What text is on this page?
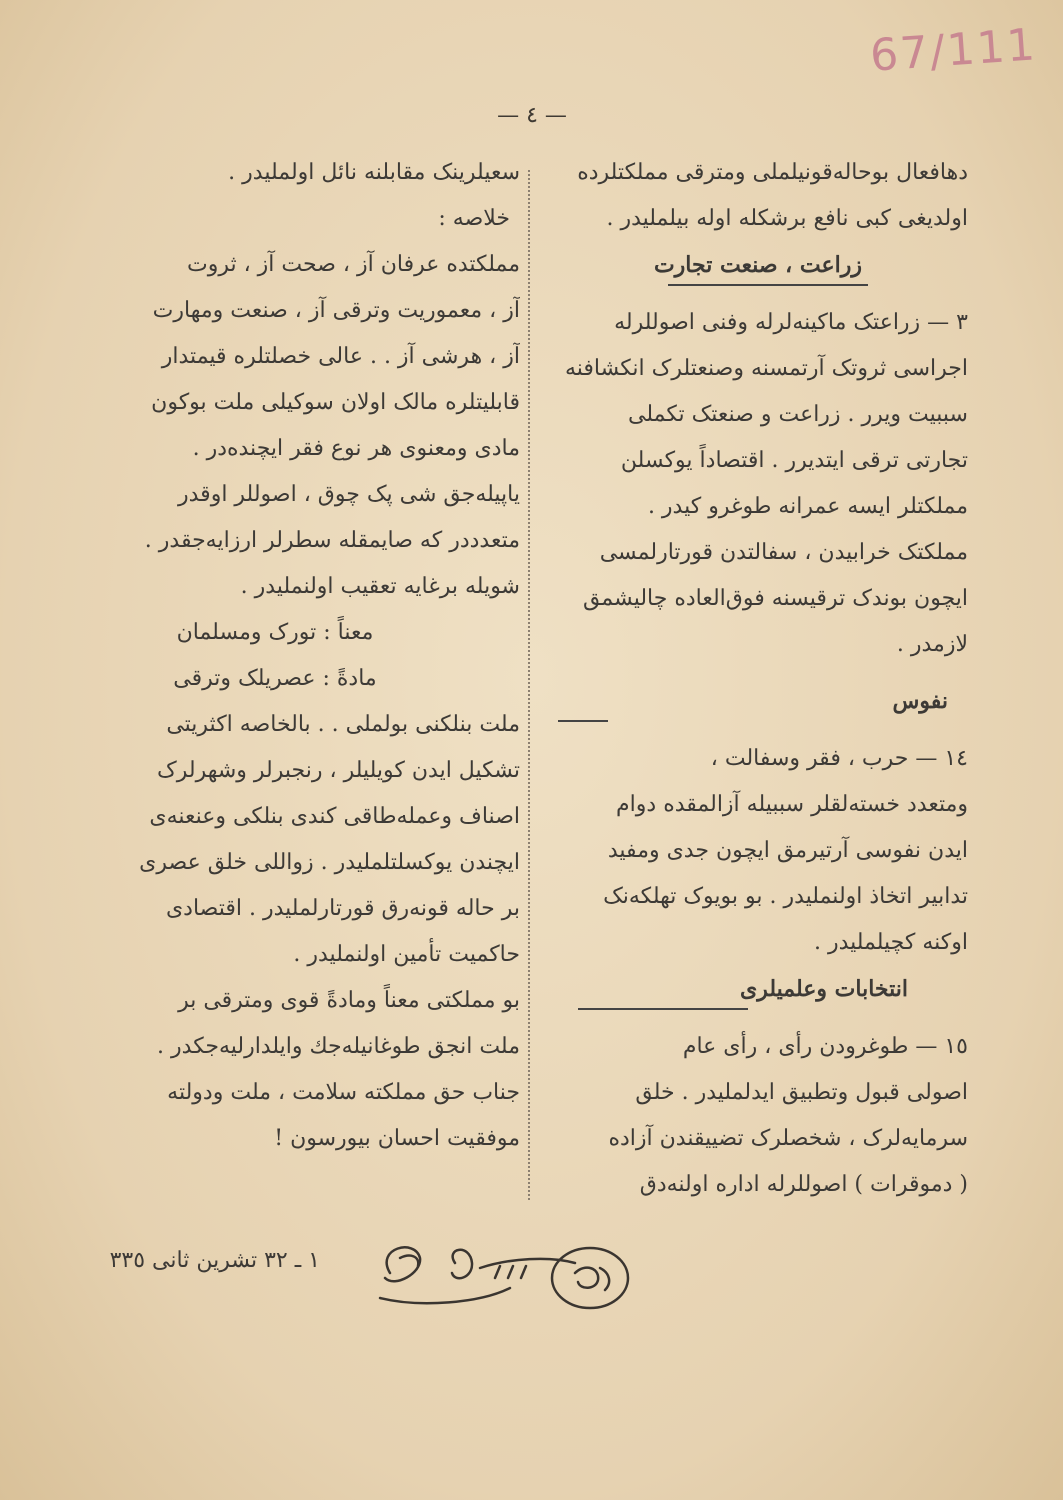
67/111
— ٤ —
دهافعال بوحاله‌قونیلملی ومترقی مملکتلرده
اولدیغی کبی نافع برشکله اوله بیلملیدر .
زراعت ، صنعت تجارت
٣ — زراعتک ماکینه‌لرله وفنی اصوللرله
اجراسی ثروتک آرتمسنه وصنعتلرک انکشافنه
سببیت ویرر . زراعت و صنعتک تکملی
تجارتی ترقی ایتدیرر . اقتصاداً یوکسلن
مملکتلر ایسه عمرانه طوغرو کیدر .
مملکتک خرابیدن ، سفالتدن قورتارلمسی
ایچون بوندک ترقیسنه فوق‌العاده چالیشمق
لازمدر .
نفوس
١٤ — حرب ، فقر وسفالت ،
ومتعدد خسته‌لقلر سببیله آزالمقده دوام
ایدن نفوسی آرتیرمق ایچون جدی ومفید
تدابیر اتخاذ اولنملیدر . بو بویوک تهلکه‌نک
اوکنه کچیلملیدر .
انتخابات وعلمیلری
١٥ — طوغرودن رأی ، رأی عام
اصولی قبول وتطبیق ایدلملیدر . خلق
سرمایه‌لرک ، شخصلرک تضییقندن آزاده
( دموقرات ) اصوللرله اداره اولنه‌دق
سعیلرینک مقابلنه نائل اولملیدر .
خلاصه :
مملکتده عرفان آز ، صحت آز ، ثروت
آز ، معموریت وترقی آز ، صنعت ومهارت
آز ، هرشی آز . . عالی خصلتلره قیمتدار
قابلیتلره مالک اولان سوکیلی ملت بوکون
مادی ومعنوی هر نوع فقر ایچنده‌در .
یاپیله‌جق شی پک چوق ، اصوللر اوقدر
متعدددر که صایمقله سطرلر ارزایه‌جقدر .
شویله برغایه تعقیب اولنملیدر .
معناً : تورک ومسلمان
مادةً : عصریلک وترقی
ملت بنلکنی بولملی . . بالخاصه اکثریتی
تشکیل ایدن کویلیلر ، رنجبرلر وشهرلرک
اصناف وعمله‌طاقی کندی بنلکی وعنعنه‌ی
ایچندن یوکسلتلملیدر . زواللی خلق عصری
بر حاله قونه‌رق قورتارلملیدر . اقتصادی
حاکمیت تأمین اولنملیدر .
بو مملکتی معناً ومادةً قوی ومترقی بر
ملت انجق طوغانیله‌جك وایلدارلیه‌جکدر .
جناب حق مملکته سلامت ، ملت ودولته
موفقیت احسان بیورسون !
١ ـ ٣٢ تشرین ثانی ٣٣٥
